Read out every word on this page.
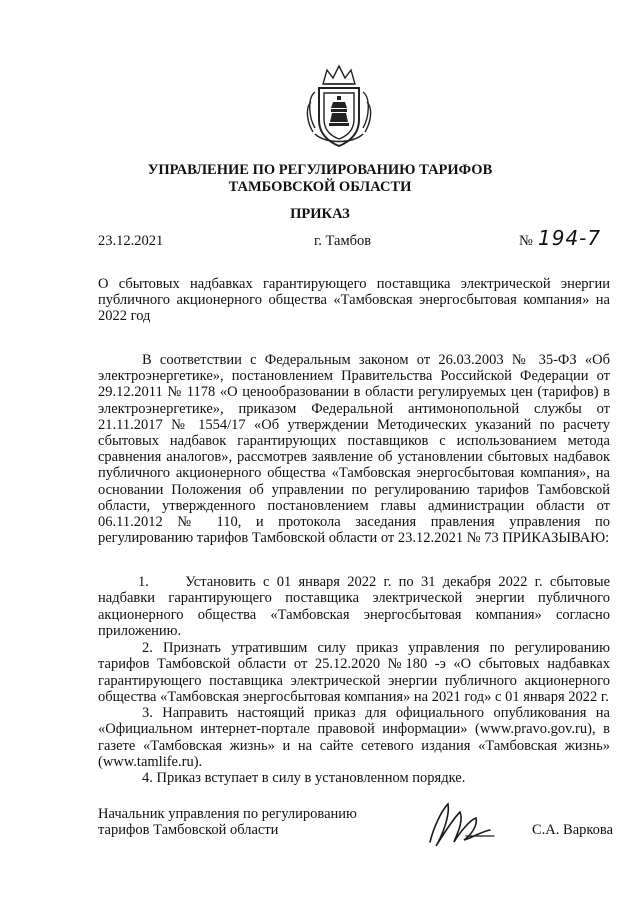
УПРАВЛЕНИЕ ПО РЕГУЛИРОВАНИЮ ТАРИФОВ
ТАМБОВСКОЙ ОБЛАСТИ
ПРИКАЗ
23.12.2021	г. Тамбов	№ 194-7
О сбытовых надбавках гарантирующего поставщика электрической энергии публичного акционерного общества «Тамбовская энергосбытовая компания» на 2022 год
В соответствии с Федеральным законом от 26.03.2003 № 35-ФЗ «Об электроэнергетике», постановлением Правительства Российской Федерации от 29.12.2011 № 1178 «О ценообразовании в области регулируемых цен (тарифов) в электроэнергетике», приказом Федеральной антимонопольной службы от 21.11.2017 № 1554/17 «Об утверждении Методических указаний по расчету сбытовых надбавок гарантирующих поставщиков с использованием метода сравнения аналогов», рассмотрев заявление об установлении сбытовых надбавок публичного акционерного общества «Тамбовская энергосбытовая компания», на основании Положения об управлении по регулированию тарифов Тамбовской области, утвержденного постановлением главы администрации области от 06.11.2012 № 110, и протокола заседания правления управления по регулированию тарифов Тамбовской области от 23.12.2021 № 73 ПРИКАЗЫВАЮ:
1.	Установить с 01 января 2022 г. по 31 декабря 2022 г. сбытовые надбавки гарантирующего поставщика электрической энергии публичного акционерного общества «Тамбовская энергосбытовая компания» согласно приложению.
2. Признать утратившим силу приказ управления по регулированию тарифов Тамбовской области от 25.12.2020 №180 -э «О сбытовых надбавках гарантирующего поставщика электрической энергии публичного акционерного общества «Тамбовская энергосбытовая компания» на 2021 год» с 01 января 2022 г.
3. Направить настоящий приказ для официального опубликования на «Официальном интернет-портале правовой информации» (www.pravo.gov.ru), в газете «Тамбовская жизнь» и на сайте сетевого издания «Тамбовская жизнь» (www.tamlife.ru).
4. Приказ вступает в силу в установленном порядке.
Начальник управления по регулированию
тарифов Тамбовской области	С.А. Варкова
